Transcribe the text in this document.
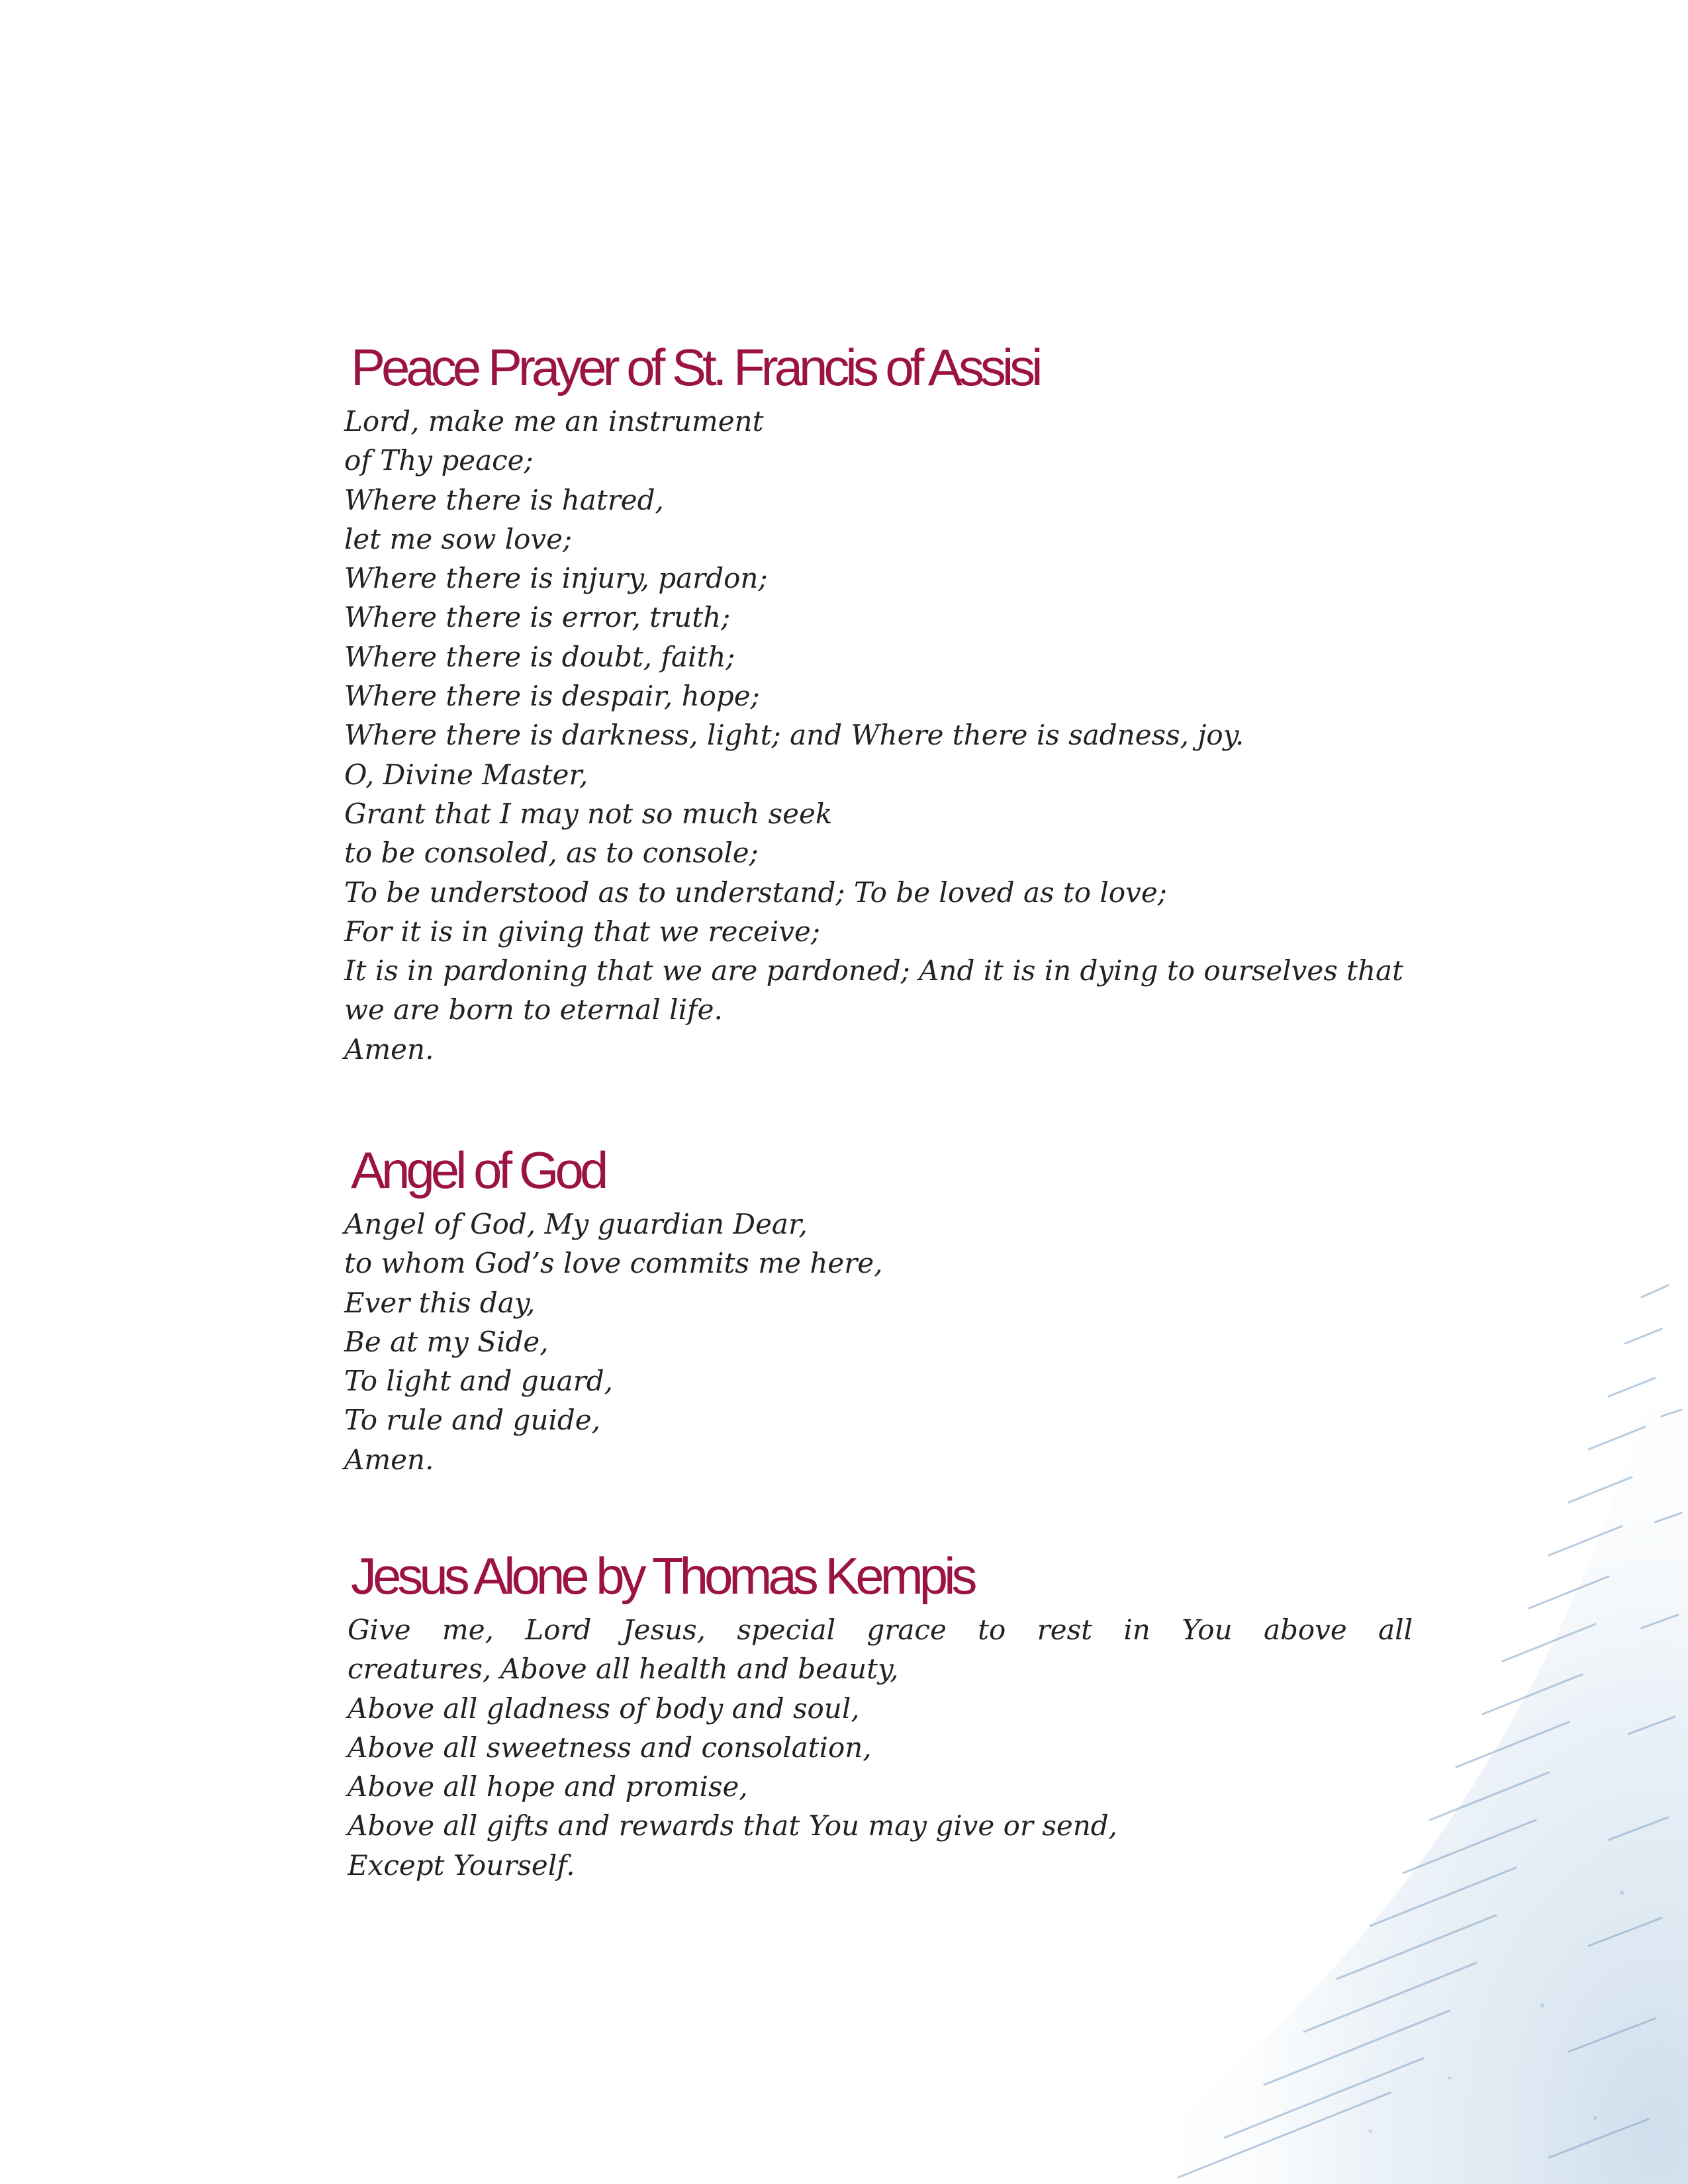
Peace Prayer of St. Francis of Assisi
Lord, make me an instrument
of Thy peace;
Where there is hatred,
let me sow love;
Where there is injury, pardon;
Where there is error, truth;
Where there is doubt, faith;
Where there is despair, hope;
Where there is darkness, light; and Where there is sadness, joy.
O, Divine Master,
Grant that I may not so much seek
to be consoled, as to console;
To be understood as to understand; To be loved as to love;
For it is in giving that we receive;
It is in pardoning that we are pardoned; And it is in dying to ourselves that
we are born to eternal life.
Amen.
Angel of God
Angel of God, My guardian Dear,
to whom God’s love commits me here,
Ever this day,
Be at my Side,
To light and guard,
To rule and guide,
Amen.
Jesus Alone by Thomas Kempis
Give me, Lord Jesus, special grace to rest in You above all
creatures, Above all health and beauty,
Above all gladness of body and soul,
Above all sweetness and consolation,
Above all hope and promise,
Above all gifts and rewards that You may give or send,
Except Yourself.
